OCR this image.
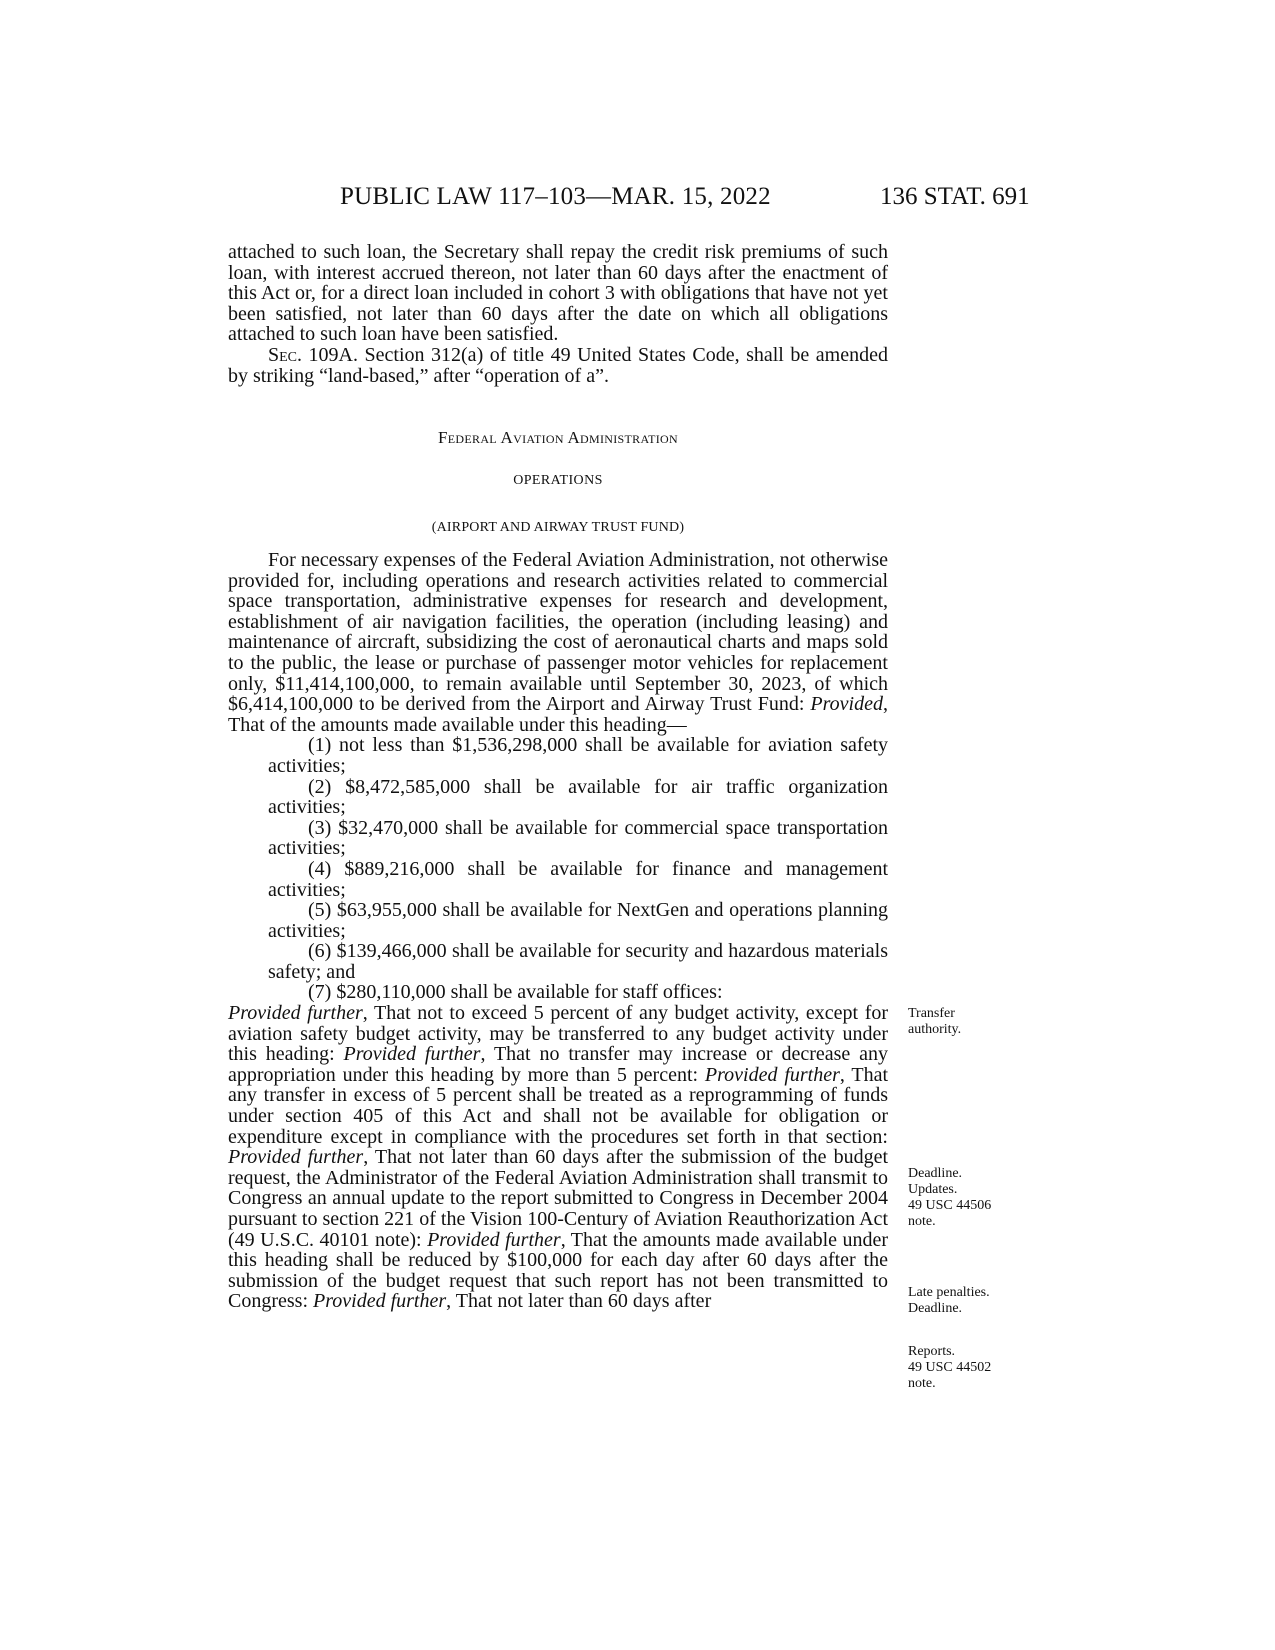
PUBLIC LAW 117–103—MAR. 15, 2022	136 STAT. 691

attached to such loan, the Secretary shall repay the credit risk premiums of such loan, with interest accrued thereon, not later than 60 days after the enactment of this Act or, for a direct loan included in cohort 3 with obligations that have not yet been satisfied, not later than 60 days after the date on which all obligations attached to such loan have been satisfied.

Sec. 109A. Section 312(a) of title 49 United States Code, shall be amended by striking “land-based,” after “operation of a”.

Federal Aviation Administration
OPERATIONS
(AIRPORT AND AIRWAY TRUST FUND)

For necessary expenses of the Federal Aviation Administration, not otherwise provided for, including operations and research activities related to commercial space transportation, administrative expenses for research and development, establishment of air navigation facilities, the operation (including leasing) and maintenance of aircraft, subsidizing the cost of aeronautical charts and maps sold to the public, the lease or purchase of passenger motor vehicles for replacement only, $11,414,100,000, to remain available until September 30, 2023, of which $6,414,100,000 to be derived from the Airport and Airway Trust Fund: Provided, That of the amounts made available under this heading—

(1) not less than $1,536,298,000 shall be available for aviation safety activities;

(2) $8,472,585,000 shall be available for air traffic organization activities;

(3) $32,470,000 shall be available for commercial space transportation activities;

(4) $889,216,000 shall be available for finance and management activities;

(5) $63,955,000 shall be available for NextGen and operations planning activities;

(6) $139,466,000 shall be available for security and hazardous materials safety; and

(7) $280,110,000 shall be available for staff offices:

Provided further, That not to exceed 5 percent of any budget activity, except for aviation safety budget activity, may be transferred to any budget activity under this heading: Provided further, That no transfer may increase or decrease any appropriation under this heading by more than 5 percent: Provided further, That any transfer in excess of 5 percent shall be treated as a reprogramming of funds under section 405 of this Act and shall not be available for obligation or expenditure except in compliance with the procedures set forth in that section: Provided further, That not later than 60 days after the submission of the budget request, the Administrator of the Federal Aviation Administration shall transmit to Congress an annual update to the report submitted to Congress in December 2004 pursuant to section 221 of the Vision 100-Century of Aviation Reauthorization Act (49 U.S.C. 40101 note): Provided further, That the amounts made available under this heading shall be reduced by $100,000 for each day after 60 days after the submission of the budget request that such report has not been transmitted to Congress: Provided further, That not later than 60 days after

Transfer
authority.
Deadline.
Updates.
49 USC 44506
note.
Late penalties.
Deadline.
Reports.
49 USC 44502
note.
